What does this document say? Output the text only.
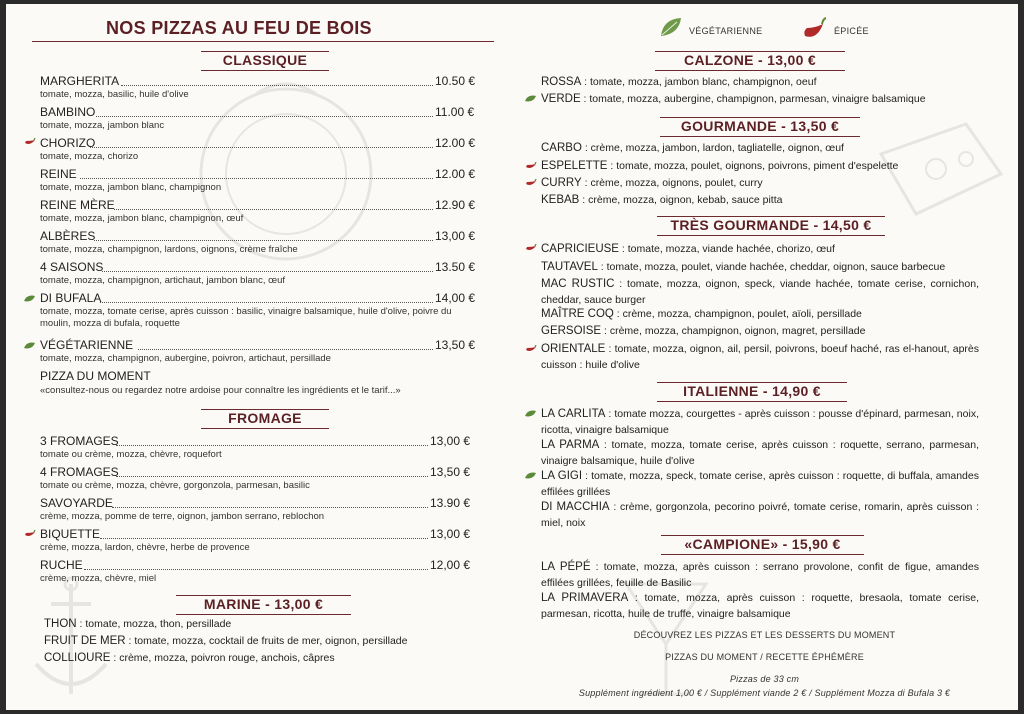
NOS PIZZAS AU FEU DE BOIS
CLASSIQUE
MARGHERITA	10.50 €
tomate, mozza, basilic, huile d'olive
BAMBINO	11.00 €
tomate, mozza, jambon blanc
CHORIZO	12.00 €
tomate, mozza, chorizo
REINE	12.00 €
tomate, mozza, jambon blanc, champignon
REINE MÈRE	12.90 €
tomate, mozza, jambon blanc, champignon, œuf
ALBÈRES	13,00 €
tomate, mozza, champignon, lardons, oignons, crème fraîche
4 SAISONS	13.50 €
tomate, mozza, champignon, artichaut, jambon blanc, œuf
DI BUFALA	14,00 €
tomate, mozza, tomate cerise, après cuisson : basilic, vinaigre balsamique, huile d'olive, poivre du moulin, mozza di bufala, roquette
VÉGÉTARIENNE	13,50 €
tomate, mozza, champignon, aubergine, poivron, artichaut, persillade
PIZZA DU MOMENT
«consultez-nous ou regardez notre ardoise pour connaître les ingrédients et le tarif...»
FROMAGE
3 FROMAGES	13,00 €
tomate ou crème, mozza, chèvre, roquefort
4 FROMAGES	13,50 €
tomate ou crème, mozza, chèvre, gorgonzola, parmesan, basilic
SAVOYARDE	13.90 €
crème, mozza, pomme de terre, oignon, jambon serrano, reblochon
BIQUETTE	13,00 €
crème, mozza, lardon, chèvre, herbe de provence
RUCHE	12,00 €
crème, mozza, chèvre, miel
MARINE - 13,00 €
THON : tomate, mozza, thon, persillade
FRUIT DE MER : tomate, mozza, cocktail de fruits de mer, oignon, persillade
COLLIOURE : crème, mozza, poivron rouge, anchois, câpres
VÉGÉTARIENNE	ÉPICÉE
CALZONE - 13,00 €
ROSSA : tomate, mozza, jambon blanc, champignon, oeuf
VERDE : tomate, mozza, aubergine, champignon, parmesan, vinaigre balsamique
GOURMANDE - 13,50 €
CARBO : crème, mozza, jambon, lardon, tagliatelle, oignon, œuf
ESPELETTE : tomate, mozza, poulet, oignons, poivrons, piment d'espelette
CURRY : crème, mozza, oignons, poulet, curry
KEBAB : crème, mozza, oignon, kebab, sauce pitta
TRÈS GOURMANDE - 14,50 €
CAPRICIEUSE : tomate, mozza, viande hachée, chorizo, œuf
TAUTAVEL : tomate, mozza, poulet, viande hachée, cheddar, oignon, sauce barbecue
MAC RUSTIC : tomate, mozza, oignon, speck, viande hachée, tomate cerise, cornichon, cheddar, sauce burger
MAÎTRE COQ : crème, mozza, champignon, poulet, aïoli, persillade
GERSOISE : crème, mozza, champignon, oignon, magret, persillade
ORIENTALE : tomate, mozza, oignon, ail, persil, poivrons, boeuf haché, ras el-hanout, après cuisson : huile d'olive
ITALIENNE - 14,90 €
LA CARLITA : tomate mozza, courgettes - après cuisson : pousse d'épinard, parmesan, noix, ricotta, vinaigre balsamique
LA PARMA : tomate, mozza, tomate cerise, après cuisson : roquette, serrano, parmesan, vinaigre balsamique, huile d'olive
LA GIGI : tomate, mozza, speck, tomate cerise, après cuisson : roquette, di buffala, amandes effilées grillées
DI MACCHIA : crème, gorgonzola, pecorino poivré, tomate cerise, romarin, après cuisson : miel, noix
«CAMPIONE» - 15,90 €
LA PÉPÉ : tomate, mozza, après cuisson : serrano provolone, confit de figue, amandes effilées grillées, feuille de Basilic
LA PRIMAVERA : tomate, mozza, après cuisson : roquette, bresaola, tomate cerise, parmesan, ricotta, huile de truffe, vinaigre balsamique
DÉCOUVREZ LES PIZZAS ET LES DESSERTS DU MOMENT
PIZZAS DU MOMENT / RECETTE ÉPHÉMÈRE
Pizzas de 33 cm
Supplément ingrédient 1,00 € / Supplément viande 2 € / Supplément Mozza di Bufala 3 €
